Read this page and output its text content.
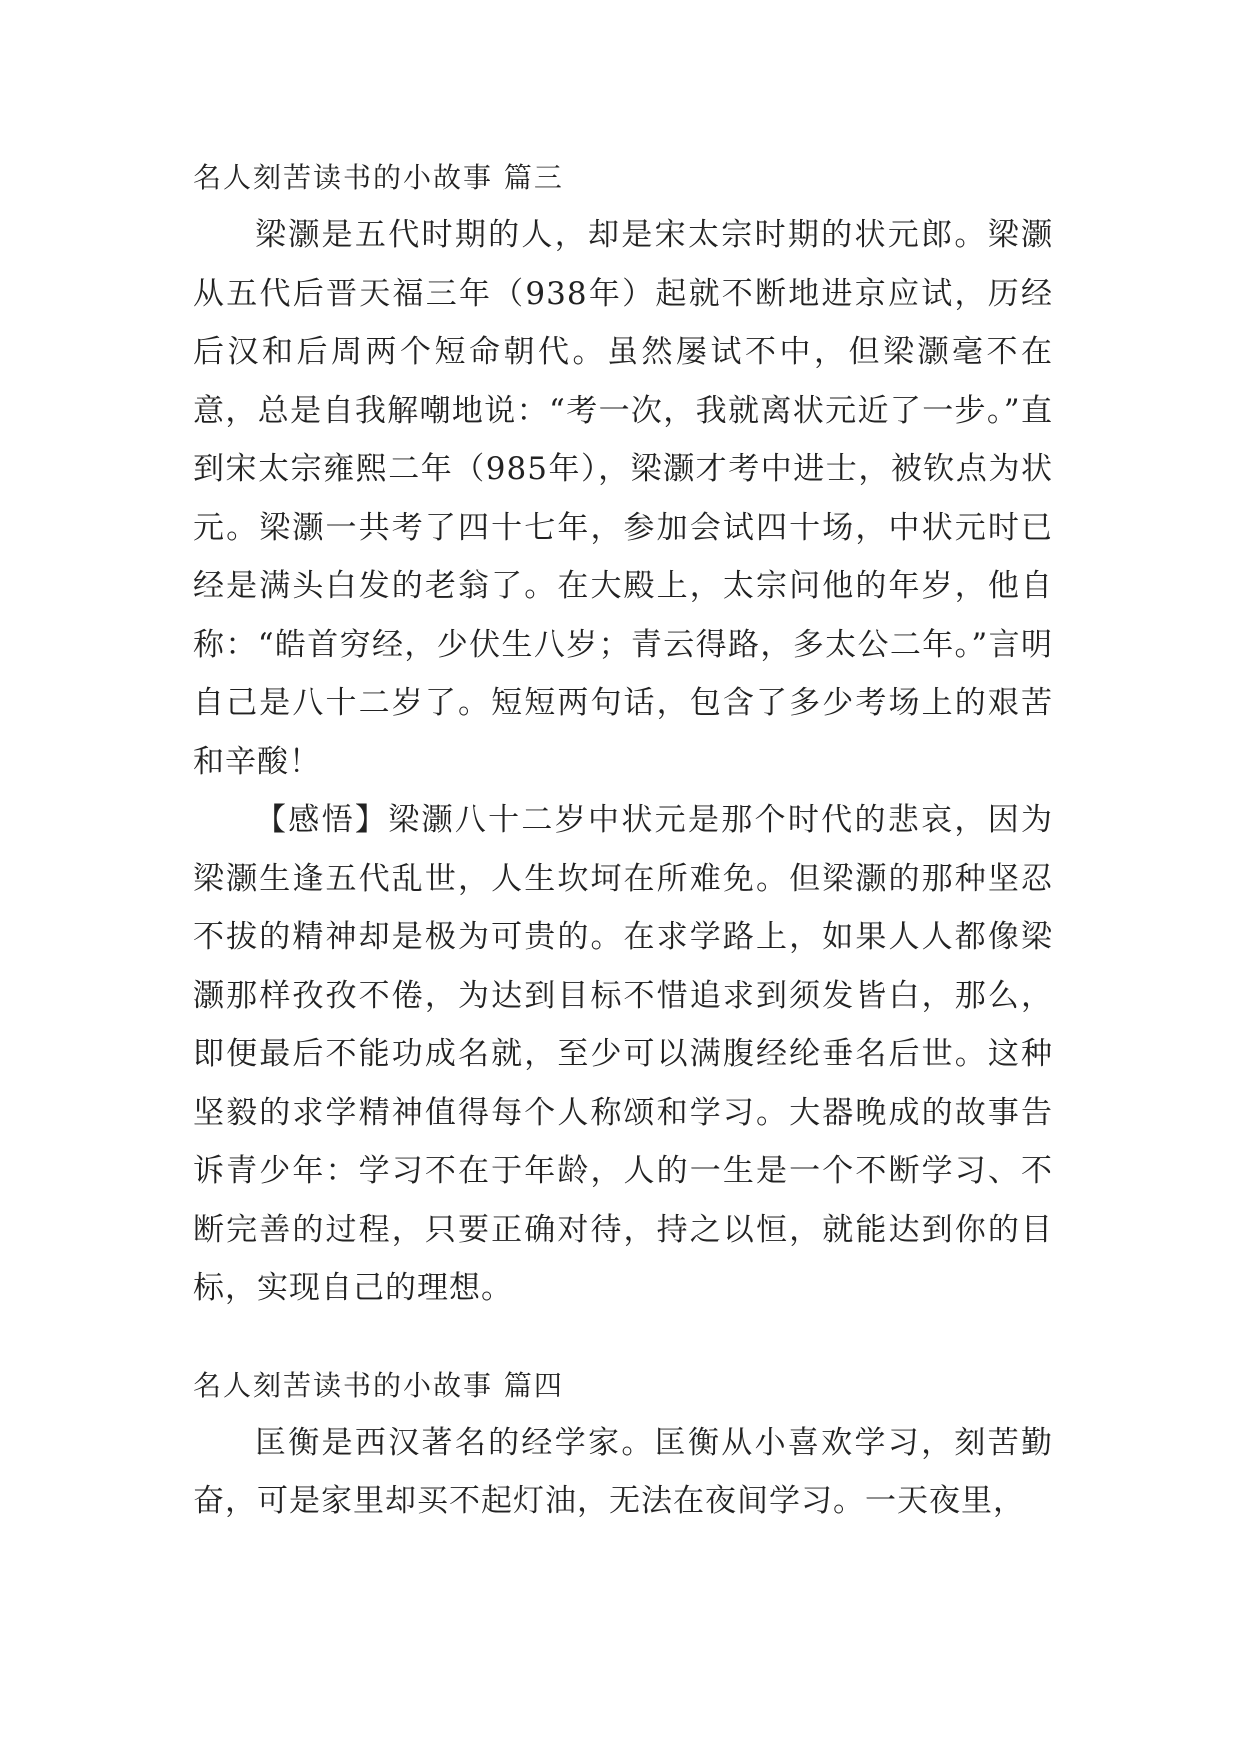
名人刻苦读书的小故事 篇三

梁灏是五代时期的人，却是宋太宗时期的状元郎。梁灏从五代后晋天福三年（938年）起就不断地进京应试，历经后汉和后周两个短命朝代。虽然屡试不中，但梁灏毫不在意，总是自我解嘲地说：“考一次，我就离状元近了一步。”直到宋太宗雍熙二年（985年），梁灏才考中进士，被钦点为状元。梁灏一共考了四十七年，参加会试四十场，中状元时已经是满头白发的老翁了。在大殿上，太宗问他的年岁，他自称：“皓首穷经，少伏生八岁；青云得路，多太公二年。”言明自己是八十二岁了。短短两句话，包含了多少考场上的艰苦和辛酸！

【感悟】梁灏八十二岁中状元是那个时代的悲哀，因为梁灏生逢五代乱世，人生坎坷在所难免。但梁灏的那种坚忍不拔的精神却是极为可贵的。在求学路上，如果人人都像梁灏那样孜孜不倦，为达到目标不惜追求到须发皆白，那么，即便最后不能功成名就，至少可以满腹经纶垂名后世。这种坚毅的求学精神值得每个人称颂和学习。大器晚成的故事告诉青少年：学习不在于年龄，人的一生是一个不断学习、不断完善的过程，只要正确对待，持之以恒，就能达到你的目标，实现自己的理想。

名人刻苦读书的小故事 篇四

匡衡是西汉著名的经学家。匡衡从小喜欢学习，刻苦勤奋，可是家里却买不起灯油，无法在夜间学习。一天夜里，
